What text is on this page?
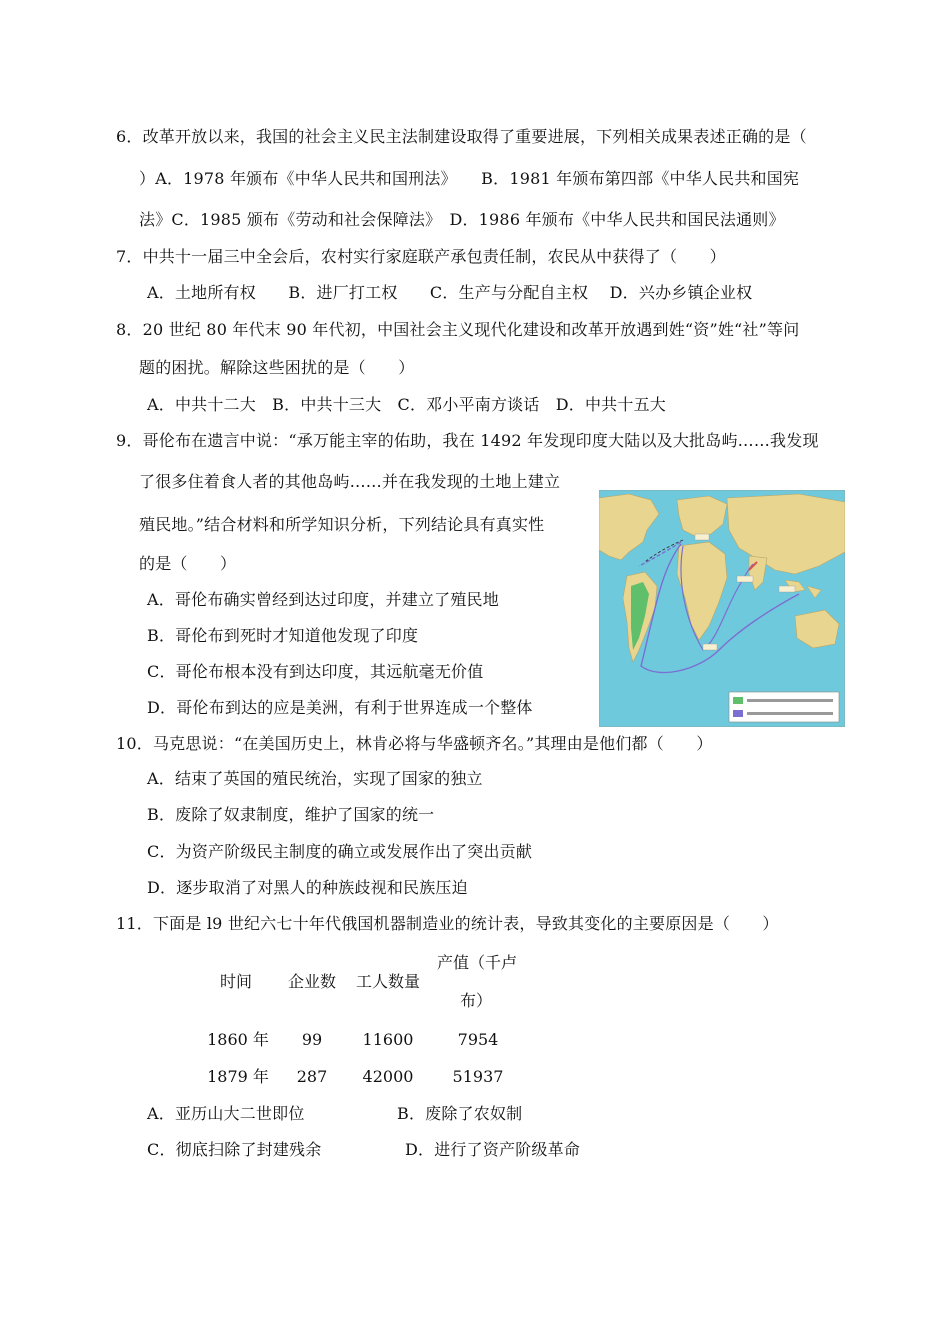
6．改革开放以来，我国的社会主义民主法制建设取得了重要进展，下列相关成果表述正确的是（
）A．1978 年颁布《中华人民共和国刑法》　　B．1981 年颁布第四部《中华人民共和国宪
法》C．1985 颁布《劳动和社会保障法》　D．1986 年颁布《中华人民共和国民法通则》
7．中共十一届三中全会后，农村实行家庭联产承包责任制，农民从中获得了（　　）
A．土地所有权　　B．进厂打工权　　C．生产与分配自主权　 D．兴办乡镇企业权
8．20 世纪 80 年代末 90 年代初，中国社会主义现代化建设和改革开放遇到姓“资”姓“社”等问
题的困扰。解除这些困扰的是（　　）
A．中共十二大　B．中共十三大　C．邓小平南方谈话　D．中共十五大
9．哥伦布在遗言中说：“承万能主宰的佑助，我在 1492 年发现印度大陆以及大批岛屿……我发现
了很多住着食人者的其他岛屿……并在我发现的土地上建立
殖民地。”结合材料和所学知识分析，下列结论具有真实性
的是（　　）
A．哥伦布确实曾经到达过印度，并建立了殖民地
B．哥伦布到死时才知道他发现了印度
C．哥伦布根本没有到达印度，其远航毫无价值
D．哥伦布到达的应是美洲，有利于世界连成一个整体
10．马克思说：“在美国历史上，林肯必将与华盛顿齐名。”其理由是他们都（　　）
A．结束了英国的殖民统治，实现了国家的独立
B．废除了奴隶制度，维护了国家的统一
C．为资产阶级民主制度的确立或发展作出了突出贡献
D．逐步取消了对黑人的种族歧视和民族压迫
11．下面是 l9 世纪六七十年代俄国机器制造业的统计表，导致其变化的主要原因是（　　）
时间	企业数 工人数量
产值（千卢
布）
1860 年	99	11600	7954
1879 年	287	42000 51937
A．亚历山大二世即位	B．废除了农奴制
C．彻底扫除了封建残余	D．进行了资产阶级革命
